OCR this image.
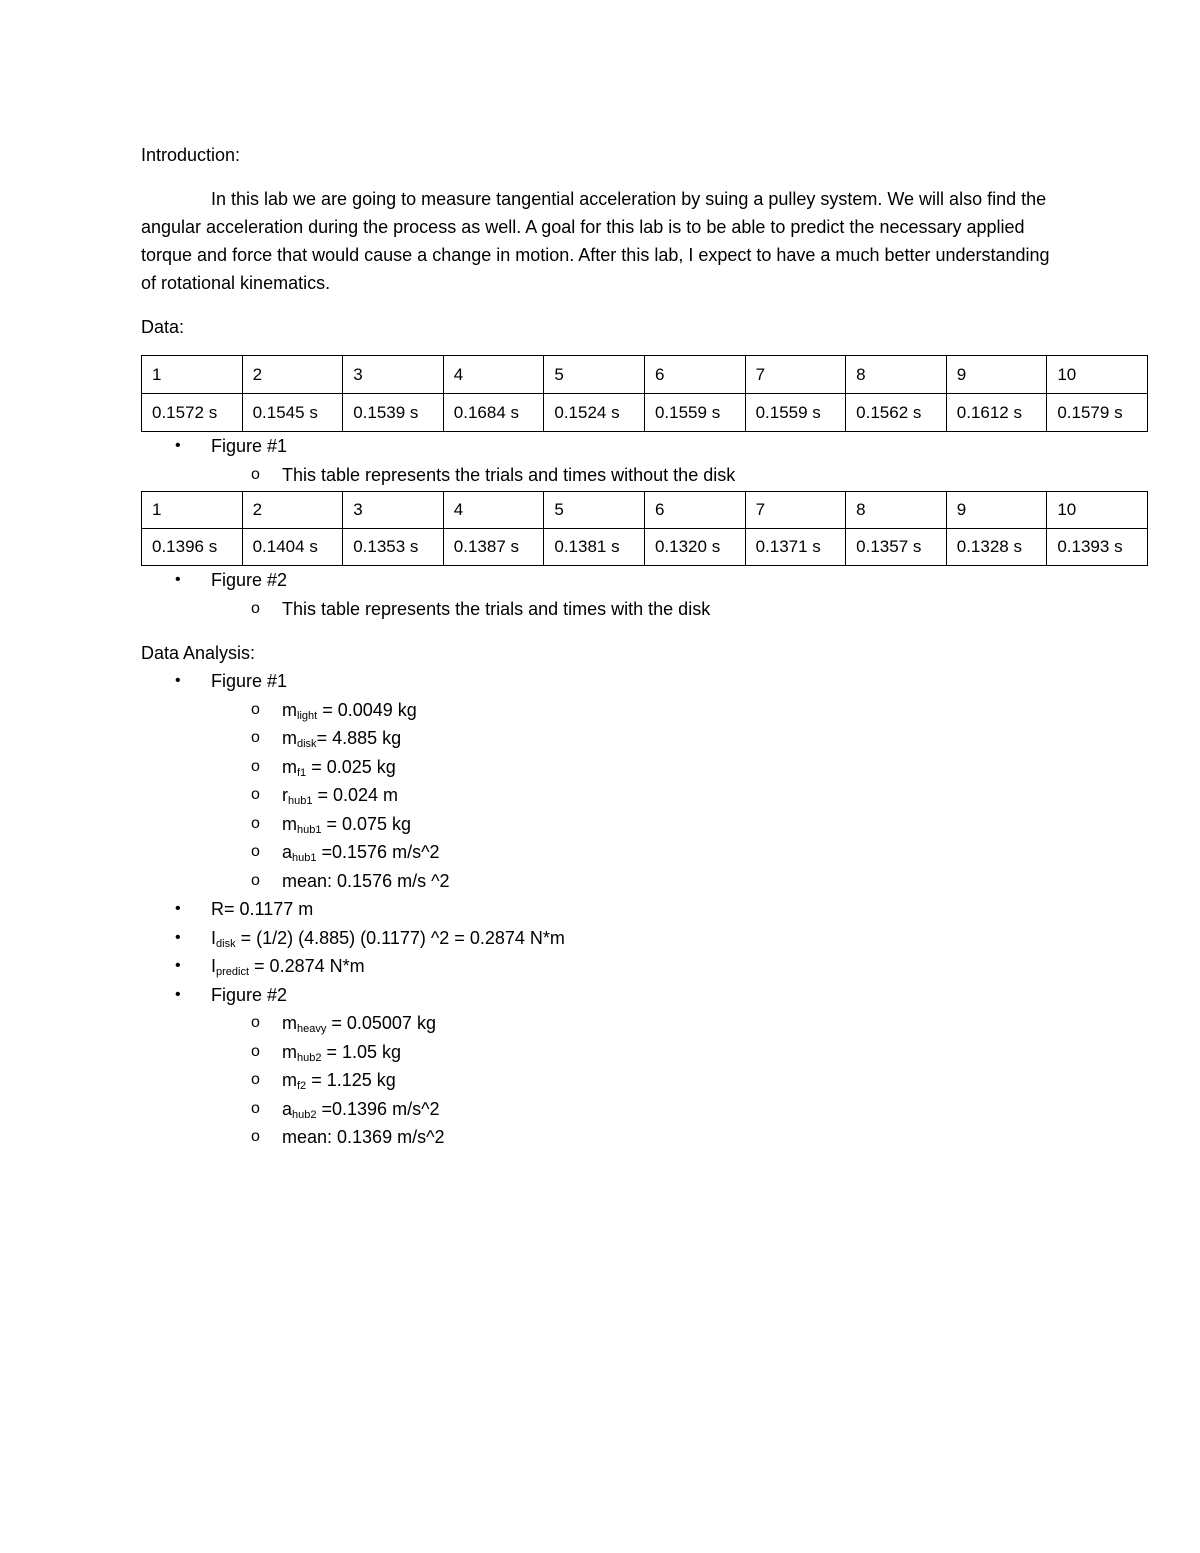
Introduction:

In this lab we are going to measure tangential acceleration by suing a pulley system. We will also find the angular acceleration during the process as well. A goal for this lab is to be able to predict the necessary applied torque and force that would cause a change in motion. After this lab, I expect to have a much better understanding of rotational kinematics.

Data:
1	2	3	4	5	6	7	8	9	10
0.1572 s	0.1545 s	0.1539 s	0.1684 s	0.1524 s	0.1559 s	0.1559 s	0.1562 s	0.1612 s	0.1579 s
• Figure #1
o This table represents the trials and times without the disk
1	2	3	4	5	6	7	8	9	10
0.1396 s	0.1404 s	0.1353 s	0.1387 s	0.1381 s	0.1320 s	0.1371 s	0.1357 s	0.1328 s	0.1393 s
• Figure #2
o This table represents the trials and times with the disk
Data Analysis:
• Figure #1
o $m_{light} = 0.0049$ kg
o $m_{disk}= 4.885$ kg
o $m_{f1} = 0.025$ kg
o $r_{hub1} = 0.024$ m
o $m_{hub1} = 0.075$ kg
o $a_{hub1} =0.1576$ m/s^2
o mean: 0.1576 m/s ^2
• R= 0.1177 m
• $I_{disk} = (1/2)$ (4.885) (0.1177) ^2 = 0.2874 N*m
• $I_{predict} = 0.2874$ N*m
• Figure #2
o $m_{heavy} = 0.05007$ kg
o $m_{hub2} = 1.05$ kg
o $m_{f2} = 1.125$ kg
o $a_{hub2} =0.1396$ m/s^2
o mean: 0.1369 m/s^2
